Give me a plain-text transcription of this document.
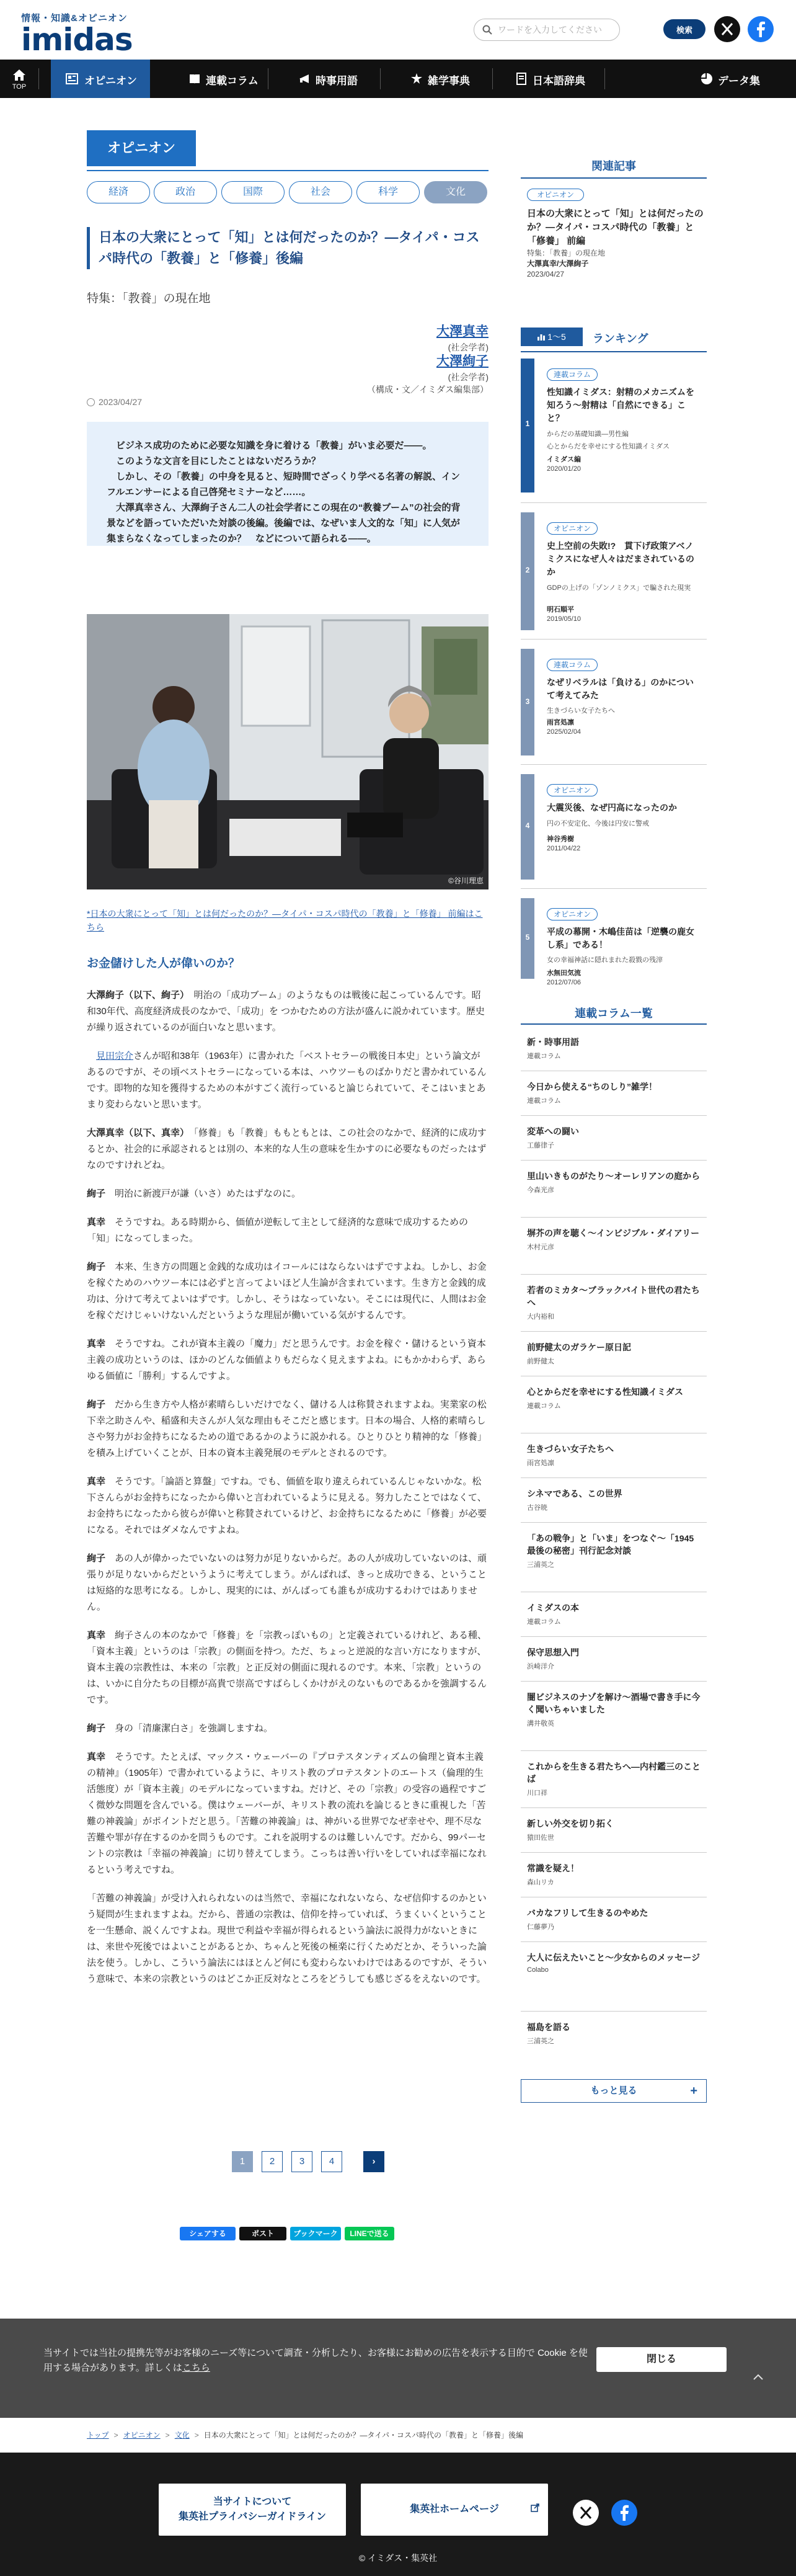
情報・知識&オピニオン
imidas
ワードを入力してください	検索
TOP	オピニオン	連載コラム	時事用語	雑学事典	日本語辞典	データ集
オピニオン
経済	政治	国際	社会	科学	文化
日本の大衆にとって「知」とは何だったのか？―タイパ・コスパ時代の「教養」と「修養」後編
特集：「教養」の現在地
大澤真幸
(社会学者)
大澤絢子
(社会学者)
（構成・文／イミダス編集部）
2023/04/27

ビジネス成功のために必要な知識を身に着ける「教養」がいま必要だ――。

このような文言を目にしたことはないだろうか？

しかし、その「教養」の中身を見ると、短時間でざっくり学べる名著の解説、インフルエンサーによる自己啓発セミナーなど……。

大澤真幸さん、大澤絢子さん二人の社会学者にこの現在の“教養ブーム”の社会的背景などを語っていただいた対談の後編。後編では、なぜいま人文的な「知」に人気が集まらなくなってしまったのか？　などについて語られる――。

©谷川理恵
*日本の大衆にとって「知」とは何だったのか？―タイパ・コスパ時代の「教養」と「修養」 前編はこちら
お金儲けした人が偉いのか？

大澤絢子（以下、絢子）　 明治の「成功ブーム」のようなものは戦後に起こっているんです。昭和30年代、高度経済成長のなかで、「成功」を つかむための方法が盛んに説かれています。歴史が繰り返されているのが面白いなと思います。

見田宗介さんが昭和38年（1963年）に書かれた「ベストセラーの戦後日本史」という論文があるのですが、その頃ベストセラーになっている本は、ハウツーものばかりだと書かれているんです。即物的な知を獲得するための本がすごく流行っていると論じられていて、そこはいまとあまり変わらないと思います。

大澤真幸（以下、真幸）　 「修養」も「教養」ももともとは、この社会のなかで、経済的に成功するとか、社会的に承認されるとは別の、本来的な人生の意味を生かすのに必要なものだったはずなのですけれどね。

絢子　 明治に新渡戸が謙（いさ）めたはずなのに。

真幸　 そうですね。ある時期から、価値が逆転して主として経済的な意味で成功するための「知」になってしまった。

絢子　 本来、生き方の問題と金銭的な成功はイコールにはならないはずですよね。しかし、お金を稼ぐためのハウツー本には必ずと言ってよいほど人生論が含まれています。生き方と金銭的成功は、分けて考えてよいはずです。しかし、そうはなっていない。そこには現代に、人間はお金を稼ぐだけじゃいけないんだというような理屈が働いている気がするんです。

真幸　 そうですね。これが資本主義の「魔力」だと思うんです。お金を稼ぐ・儲けるという資本主義の成功というのは、ほかのどんな価値よりもだらなく見えますよね。にもかかわらず、あらゆる価値に「勝利」するんですよ。

絢子　 だから生き方や人格が素晴らしいだけでなく、儲ける人は称賛されますよね。実業家の松下幸之助さんや、稲盛和夫さんが人気な理由もそこだと感じます。日本の場合、人格的素晴らしさや努力がお金持ちになるための道であるかのように説かれる。ひとりひとり精神的な「修養」を積み上げていくことが、日本の資本主義発展のモデルとされるのです。

真幸　 そうです。「論語と算盤」ですね。でも、価値を取り違えられているんじゃないかな。松下さんらがお金持ちになったから偉いと言われているように見える。努力したことではなくて、お金持ちになったから彼らが偉いと称賛されているけど、お金持ちになるために「修養」が必要になる。それではダメなんですよね。

絢子　 あの人が偉かったでいないのは努力が足りないからだ。あの人が成功していないのは、頑張りが足りないからだというように考えてしまう。がんばれば、きっと成功できる、ということは短絡的な思考になる。しかし、現実的には、がんばっても誰もが成功するわけではありません。

真幸　 絢子さんの本のなかで「修養」を「宗教っぽいもの」と定義されているけれど、ある種、「資本主義」というのは「宗教」の側面を持つ。ただ、ちょっと逆説的な言い方になりますが、資本主義の宗教性は、本来の「宗教」と正反対の側面に現れるのです。本来、「宗教」というのは、いかに自分たちの目標が高貴で崇高ですばらしくかけがえのないものであるかを強調するんです。

絢子　 身の「清廉潔白さ」を強調しますね。

真幸　 そうです。たとえば、マックス・ウェーバーの『プロテスタンティズムの倫理と資本主義の精神』（1905年）で書かれているように、キリスト教のプロテスタントのエートス（倫理的生活態度）が「資本主義」のモデルになっていますね。だけど、その「宗教」の受容の過程ですごく微妙な問題を含んでいる。僕はウェーバーが、キリスト教の流れを論じるときに重視した「苦難の神義論」がポイントだと思う。「苦難の神義論」は、神がいる世界でなぜ幸せや、理不尽な苦難や罪が存在するのかを問うものです。これを説明するのは難しいんです。だから、99パーセントの宗教は「幸福の神義論」に切り替えてしまう。こっちは善い行いをしていれば幸福になれるという考えですね。

「苦難の神義論」が受け入れられないのは当然で、幸福になれないなら、なぜ信仰するのかという疑問が生まれますよね。だから、普通の宗教は、信仰を持っていれば、うまくいくということを一生懸命、説くんですよね。現世で利益や幸福が得られるという論法に説得力がないときには、来世や死後ではよいことがあるとか、ちゃんと死後の極楽に行くためだとか、そういった論法を使う。しかし、こういう論法にはほとんど何にも変わらないわけではあるのですが、そういう意味で、本来の宗教というのはどこか正反対なところをどうしても感じざるをえないのです。

1	2	3	4	›
シェアする	ポスト	ブックマーク	LINEで送る
関連記事
オピニオン
日本の大衆にとって「知」とは何だったのか？―タイパ・コスパ時代の「教養」と「修養」 前編
特集：「教養」の現在地
大澤真幸/大澤絢子
2023/04/27
1〜5	ランキング
1
連載コラム
性知識イミダス：射精のメカニズムを知ろう～射精は「自然にできる」こと？
からだの基礎知識―男性編
心とからだを幸せにする性知識イミダス
イミダス編
2020/01/20
2
オピニオン
史上空前の失敗!?　貫下げ政策アベノミクスになぜ人々はだまされているのか
GDPの上げの「ゾンノミクス」で騙された現実
明石順平
2019/05/10
3
連載コラム
なぜリベラルは「負ける」のかについて考えてみた
生きづらい女子たちへ
雨宮処凛
2025/02/04
4
オピニオン
大震災後、なぜ円高になったのか
円の不安定化、今後は円安に警戒
神谷秀樹
2011/04/22
5
オピニオン
平成の幕開・木嶋佳苗は「逆襲の鹿女し系」である！
女の幸福神話に隠れまれた殺戮の残滓
水無田気流
2012/07/06
連載コラム一覧
新・時事用語
連載コラム
今日から使える“ちのしり”雑学！
連載コラム
変革への闘い
工藤律子
里山いきものがたり～オーレリアンの庭から
今森光彦
塀芥の声を聴く～インビジブル・ダイアリー
木村元彦
若者のミカタ～ブラックバイト世代の君たちへ
大内裕和
前野健太のガラケー原日記
前野健太
心とからだを幸せにする性知識イミダス
連載コラム
生きづらい女子たちへ
雨宮処凛
シネマである、この世界
古谷暁
「あの戦争」と「いま」をつなぐ〜「1945 最後の秘密」刊行記念対談
三浦英之
イミダスの本
連載コラム
保守思想入門
浜崎洋介
闇ビジネスのナゾを解け～酒場で書き手に今く聞いちゃいました
溝井敬英
これからを生きる君たちへ―内村鑑三のことば
川口祥
新しい外交を切り拓く
猿田佐世
常識を疑え！
森山リカ
バカなフリして生きるのやめた
仁藤夢乃
大人に伝えたいこと～少女からのメッセージ
Colabo
福島を語る
三浦英之
もっと見る	+
当サイトでは当社の提携先等がお客様のニーズ等について調査・分析したり、お客様にお勧めの広告を表示する目的で Cookie を使用する場合があります。詳しくはこちら
閉じる
トップ > オピニオン > 文化 > 日本の大衆にとって「知」とは何だったのか？―タイパ・コスパ時代の「教養」と「修養」後編
当サイトについて
集英社プライバシーガイドライン
集英社ホームページ
© イミダス・集英社
